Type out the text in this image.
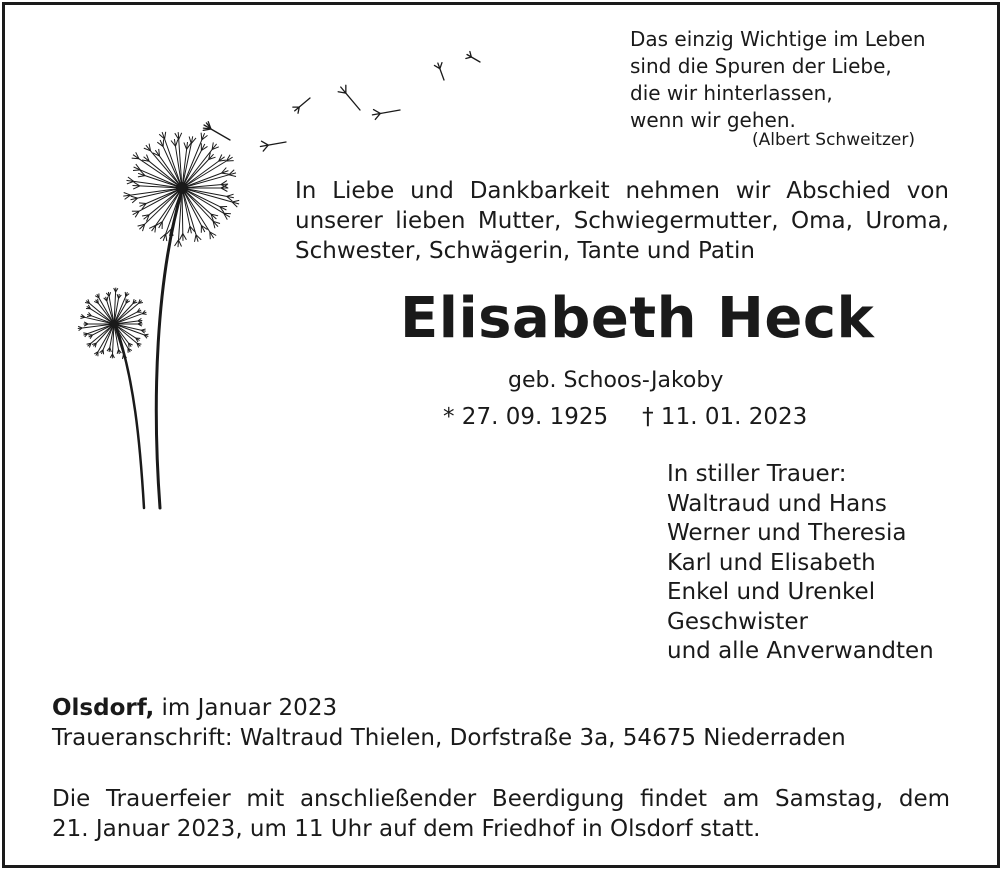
Das einzig Wichtige im Leben
sind die Spuren der Liebe,
die wir hinterlassen,
wenn wir gehen.
(Albert Schweitzer)
In Liebe und Dankbarkeit nehmen wir Abschied von
unserer lieben Mutter, Schwiegermutter, Oma, Uroma,
Schwester, Schwägerin, Tante und Patin
Elisabeth Heck
geb. Schoos-Jakoby
* 27. 09. 1925 † 11. 01. 2023
In stiller Trauer:
Waltraud und Hans
Werner und Theresia
Karl und Elisabeth
Enkel und Urenkel
Geschwister
und alle Anverwandten
Olsdorf, im Januar 2023
Traueranschrift: Waltraud Thielen, Dorfstraße 3a, 54675 Niederraden
Die Trauerfeier mit anschließender Beerdigung findet am Samstag, dem
21. Januar 2023, um 11 Uhr auf dem Friedhof in Olsdorf statt.
